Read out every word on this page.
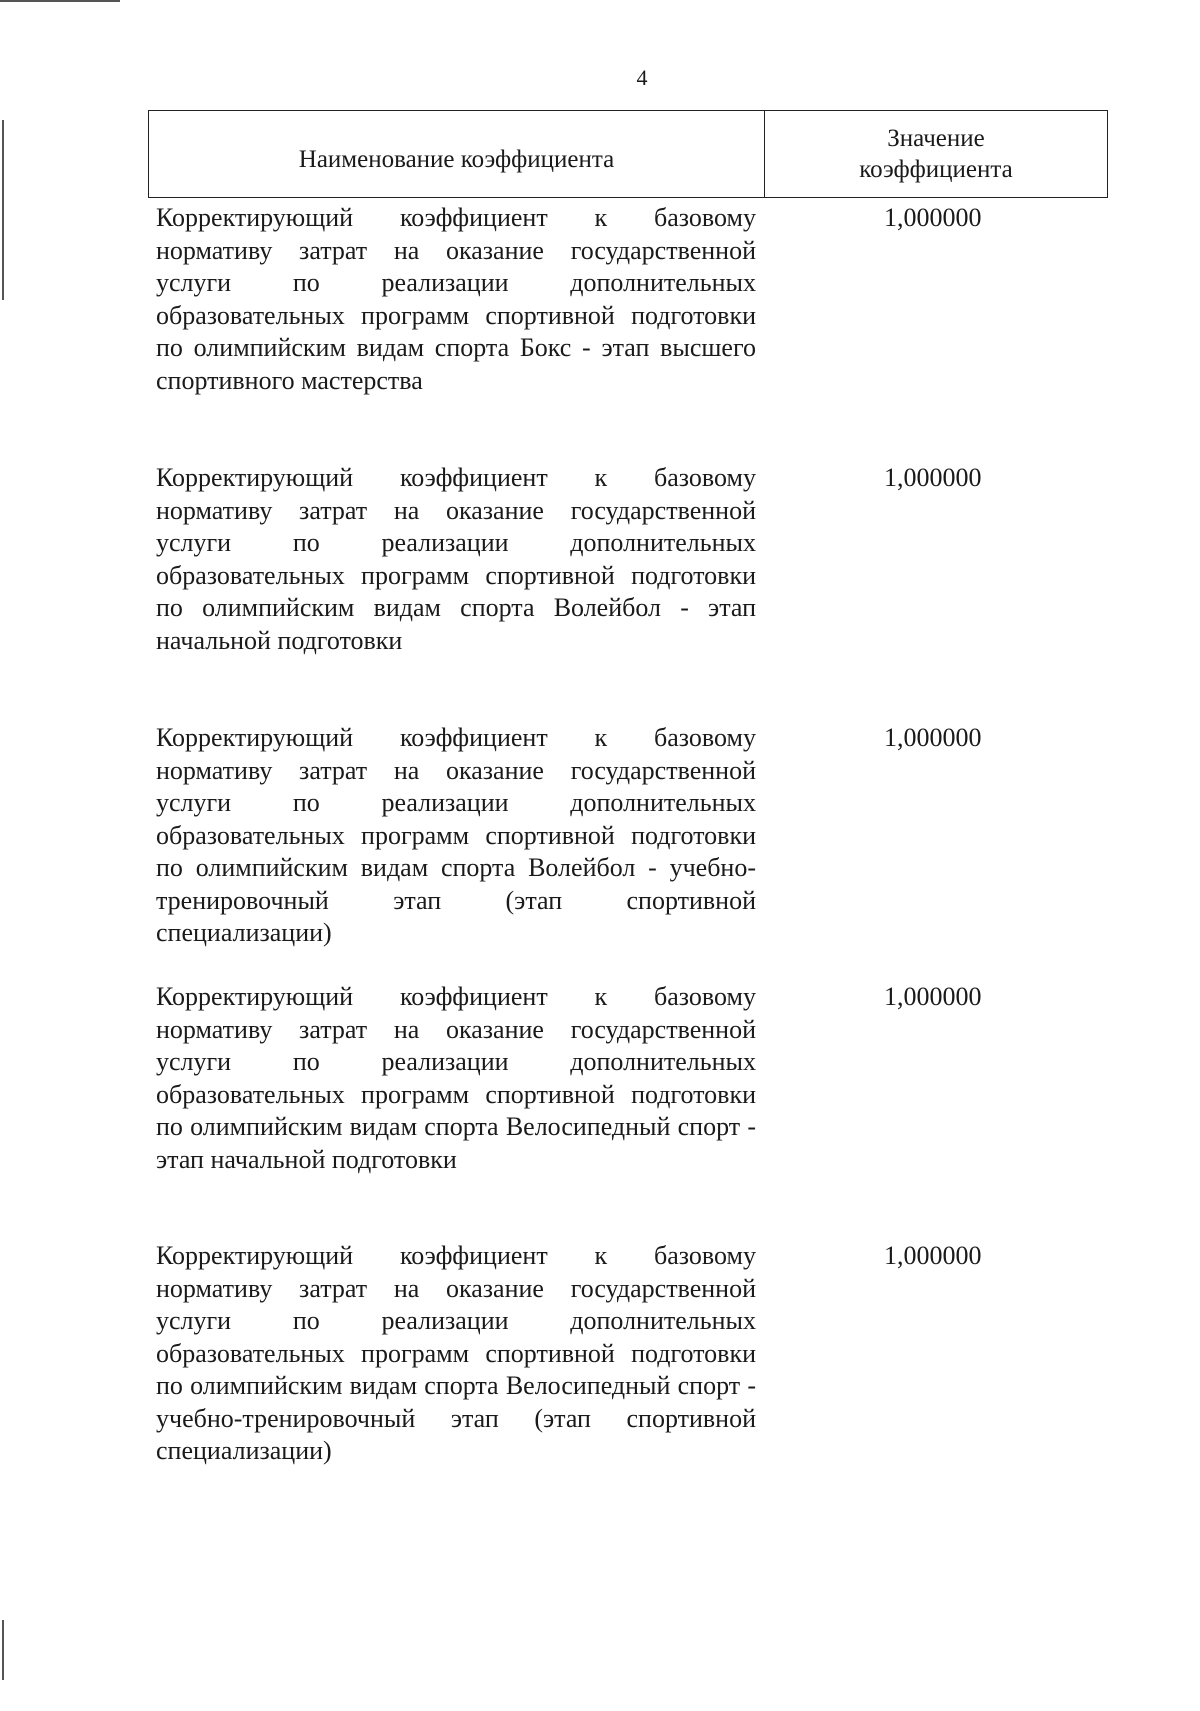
4
Наименование коэффициента
Значение
коэффициента
Корректирующий коэффициент к базовому нормативу затрат на оказание государственной услуги по реализации дополнительных образовательных программ спортивной подготовки по олимпийским видам спорта Бокс - этап высшего спортивного мастерства
1,000000
Корректирующий коэффициент к базовому нормативу затрат на оказание государственной услуги по реализации дополнительных образовательных программ спортивной подготовки по олимпийским видам спорта Волейбол - этап начальной подготовки
1,000000
Корректирующий коэффициент к базовому нормативу затрат на оказание государственной услуги по реализации дополнительных образовательных программ спортивной подготовки по олимпийским видам спорта Волейбол - учебно-тренировочный этап (этап спортивной специализации)
1,000000
Корректирующий коэффициент к базовому нормативу затрат на оказание государственной услуги по реализации дополнительных образовательных программ спортивной подготовки по олимпийским видам спорта Велосипедный спорт - этап начальной подготовки
1,000000
Корректирующий коэффициент к базовому нормативу затрат на оказание государственной услуги по реализации дополнительных образовательных программ спортивной подготовки по олимпийским видам спорта Велосипедный спорт - учебно-тренировочный этап (этап спортивной специализации)
1,000000
